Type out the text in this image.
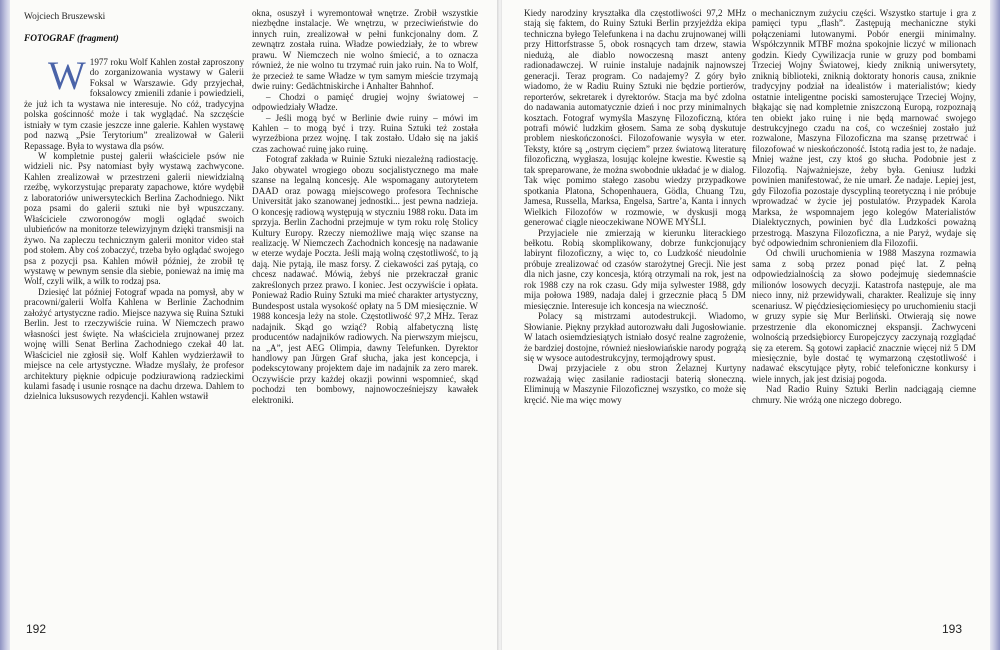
Wojciech Bruszewski

FOTOGRAF (fragment)

W 1977 roku Wolf Kahlen został zaproszony do zorganizowania wystawy w Galerii Foksal w Warszawie. Gdy przyjechał, foksalowcy zmienili zdanie i powiedzieli, że już ich ta wystawa nie interesuje. No cóż, tradycyjna polska gościnność może i tak wyglądać. Na szczęście istniały w tym czasie jeszcze inne galerie. Kahlen wystawę pod nazwą „Psie Terytorium” zrealizował w Galerii Repassage. Była to wystawa dla psów.

W kompletnie pustej galerii właściciele psów nie widzieli nic. Psy natomiast były wystawą zachwycone. Kahlen zrealizował w przestrzeni galerii niewidzialną rzeźbę, wykorzystując preparaty zapachowe, które wydębił z laboratoriów uniwersyteckich Berlina Zachodniego. Nikt poza psami do galerii sztuki nie był wpuszczany. Właściciele czworonogów mogli oglądać swoich ulubieńców na monitorze telewizyjnym dzięki transmisji na żywo. Na zapleczu technicznym galerii monitor video stał pod stołem. Aby coś zobaczyć, trzeba było oglądać swojego psa z pozycji psa. Kahlen mówił później, że zrobił tę wystawę w pewnym sensie dla siebie, ponieważ na imię ma Wolf, czyli wilk, a wilk to rodzaj psa.

Dziesięć lat później Fotograf wpada na pomysł, aby w pracowni/galerii Wolfa Kahlena w Berlinie Zachodnim założyć artystyczne radio. Miejsce nazywa się Ruina Sztuki Berlin. Jest to rzeczywiście ruina. W Niemczech prawo własności jest święte. Na właściciela zrujnowanej przez wojnę willi Senat Berlina Zachodniego czekał 40 lat. Właściciel nie zgłosił się. Wolf Kahlen wydzierżawił to miejsce na cele artystyczne. Władze myślały, że profesor architektury pięknie odpicuje podziurawioną radzieckimi kulami fasadę i usunie rosnące na dachu drzewa. Dahlem to dzielnica luksusowych rezydencji. Kahlen wstawił

okna, osuszył i wyremontował wnętrze. Zrobił wszystkie niezbędne instalacje. We wnętrzu, w przeciwieństwie do innych ruin, zrealizował w pełni funkcjonalny dom. Z zewnątrz została ruina. Władze powiedziały, że to wbrew prawu. W Niemczech nie wolno śmiecić, a to oznacza również, że nie wolno tu trzymać ruin jako ruin. Na to Wolf, że przecież te same Władze w tym samym mieście trzymają dwie ruiny: Gedächtniskirche i Anhalter Bahnhof.

– Chodzi o pamięć drugiej wojny światowej – odpowiedziały Władze.

– Jeśli mogą być w Berlinie dwie ruiny – mówi im Kahlen – to mogą być i trzy. Ruina Sztuki też została wyrzeźbiona przez wojnę. I tak zostało. Udało się na jakiś czas zachować ruinę jako ruinę.

Fotograf zakłada w Ruinie Sztuki niezależną radiostację. Jako obywatel wrogiego obozu socjalistycznego ma małe szanse na legalną koncesję. Ale wspomagany autorytetem DAAD oraz powagą miejscowego profesora Technische Universität jako szanowanej jednostki... jest pewna nadzieja. O koncesję radiową występują w styczniu 1988 roku. Data im sprzyja. Berlin Zachodni przejmuje w tym roku rolę Stolicy Kultury Europy. Rzeczy niemożliwe mają więc szanse na realizację. W Niemczech Zachodnich koncesję na nadawanie w eterze wydaje Poczta. Jeśli mają wolną częstotliwość, to ją dają. Nie pytają, ile masz forsy. Z ciekawości zaś pytają, co chcesz nadawać. Mówią, żebyś nie przekraczał granic zakreślonych przez prawo. I koniec. Jest oczywiście i opłata. Ponieważ Radio Ruiny Sztuki ma mieć charakter artystyczny, Bundespost ustala wysokość opłaty na 5 DM miesięcznie. W 1988 koncesja leży na stole. Częstotliwość 97,2 MHz. Teraz nadajnik. Skąd go wziąć? Robią alfabetyczną listę producentów nadajników radiowych. Na pierwszym miejscu, na „A”, jest AEG Olimpia, dawny Telefunken. Dyrektor handlowy pan Jürgen Graf słucha, jaka jest koncepcja, i podekscytowany projektem daje im nadajnik za zero marek. Oczywiście przy każdej okazji powinni wspomnieć, skąd pochodzi ten bombowy, najnowocześniejszy kawałek elektroniki.

192

Kiedy narodziny kryształka dla częstotliwości 97,2 MHz stają się faktem, do Ruiny Sztuki Berlin przyjeżdża ekipa techniczna byłego Telefunkena i na dachu zrujnowanej willi przy Hittorfstrasse 5, obok rosnących tam drzew, stawia niedużą, ale diablo nowoczesną maszt anteny radionadawczej. W ruinie instaluje nadajnik najnowszej generacji. Teraz program. Co nadajemy? Z góry było wiadomo, że w Radiu Ruiny Sztuki nie będzie portierów, reporterów, sekretarek i dyrektorów. Stacja ma być zdolna do nadawania automatycznie dzień i noc przy minimalnych kosztach. Fotograf wymyśla Maszynę Filozoficzną, która potrafi mówić ludzkim głosem. Sama ze sobą dyskutuje problem nieskończoności. Filozofowanie wysyła w eter. Teksty, które są „ostrym cięciem” przez światową literaturę filozoficzną, wygłasza, losując kolejne kwestie. Kwestie są tak spreparowane, że można swobodnie układać je w dialog. Tak więc pomimo stałego zasobu wiedzy przypadkowe spotkania Platona, Schopenhauera, Gödla, Chuang Tzu, Jamesa, Russella, Marksa, Engelsa, Sartre’a, Kanta i innych Wielkich Filozofów w rozmowie, w dyskusji mogą generować ciągle nieoczekiwane NOWE MYŚLI.

Przyjaciele nie zmierzają w kierunku literackiego bełkotu. Robią skomplikowany, dobrze funkcjonujący labirynt filozoficzny, a więc to, co Ludzkość nieudolnie próbuje zrealizować od czasów starożytnej Grecji. Nie jest dla nich jasne, czy koncesja, którą otrzymali na rok, jest na rok 1988 czy na rok czasu. Gdy mija sylwester 1988, gdy mija połowa 1989, nadaja dalej i grzecznie płacą 5 DM miesięcznie. Interesuje ich koncesja na wieczność.

Polacy są mistrzami autodestrukcji. Wiadomo, Słowianie. Piękny przykład autorozwału dali Jugosłowianie. W latach osiemdziesiątych istniało dosyć realne zagrożenie, że bardziej dostojne, również niesłowiańskie narody pogrążą się w wysoce autodestrukcyjny, termojądrowy spust.

Dwaj przyjaciele z obu stron Żelaznej Kurtyny rozważają więc zasilanie radiostacji baterią słoneczną. Eliminują w Maszynie Filozoficznej wszystko, co może się kręcić. Nie ma więc mowy

o mechanicznym zużyciu części. Wszystko startuje i gra z pamięci typu „flash”. Zastępują mechaniczne styki połączeniami lutowanymi. Pobór energii minimalny. Współczynnik MTBF można spokojnie liczyć w milionach godzin. Kiedy Cywilizacja runie w gruzy pod bombami Trzeciej Wojny Światowej, kiedy zniknią uniwersytety, zniknią biblioteki, zniknią doktoraty honoris causa, zniknie tradycyjny podział na idealistów i materialistów; kiedy ostatnie inteligentne pociski samosterujące Trzeciej Wojny, błąkając się nad kompletnie zniszczoną Europą, rozpoznają ten obiekt jako ruinę i nie będą marnować swojego destrukcyjnego czadu na coś, co wcześniej zostało już rozwalone, Maszyna Filozoficzna ma szansę przetrwać i filozofować w nieskończoność. Istotą radia jest to, że nadaje. Mniej ważne jest, czy ktoś go słucha. Podobnie jest z Filozofią. Najważniejsze, żeby była. Geniusz ludzki powinien manifestować, że nie umarł. Że nadaje. Lepiej jest, gdy Filozofia pozostaje dyscypliną teoretyczną i nie próbuje wprowadzać w życie jej postulatów. Przypadek Karola Marksa, że wspomnajem jego kolegów Materialistów Dialektycznych, powinien być dla Ludzkości poważną przestrogą. Maszyna Filozoficzna, a nie Paryż, wydaje się być odpowiednim schronieniem dla Filozofii.

Od chwili uruchomienia w 1988 Maszyna rozmawia sama z sobą przez ponad pięć lat. Z pełną odpowiedzialnością za słowo podejmuję siedemnaście milionów losowych decyzji. Katastrofa następuje, ale ma nieco inny, niż przewidywali, charakter. Realizuje się inny scenariusz. W pięćdziesięciomiesięcy po uruchomieniu stacji w gruzy sypie się Mur Berliński. Otwierają się nowe przestrzenie dla ekonomicznej ekspansji. Zachwyceni wolnością przedsiębiorcy Europejczycy zaczynają rozglądać się za eterem. Są gotowi zapłacić znacznie więcej niż 5 DM miesięcznie, byle dostać tę wymarzoną częstotliwość i nadawać ekscytujące płyty, robić telefoniczne konkursy i wiele innych, jak jest dzisiaj pogoda.

Nad Radio Ruiny Sztuki Berlin nadciągają ciemne chmury. Nie wróżą one niczego dobrego.

193
